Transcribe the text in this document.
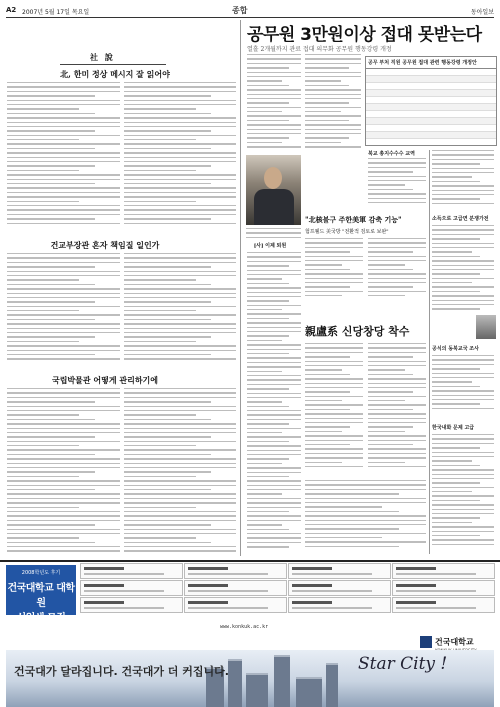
A2 2007년 5월 17일 목요일	종합	동아일보
社 說
北, 한미 정상 메시지 잘 읽어야
건교부장관 혼자 책임질 일인가
국립박물관 어떻게 관리하기에
공무원 3만원이상 접대 못받는다
열흘 2개월까지 관료 접대 의무화 공무원 행동강령 개정
공무 부처 직원 공무원 접대 관련 행동강령 개정안
북교 총지수수수 교역
"北核불구 주한美軍 감축 기능"
험프웰드 美국방 "전환적 검토로 보완"
[사] 이제 퇴원
親盧系 신당창당 착수
소득으로 고급면 분쟁가전
공식의 동북교국 조사
한국내화 문제 고급
2008학년도 후기
건국대학교 대학원
신입생 모집
www.konkuk.ac.kr
건국대학교
건국대가 달라집니다. 건국대가 더 커집니다.	Star City !
